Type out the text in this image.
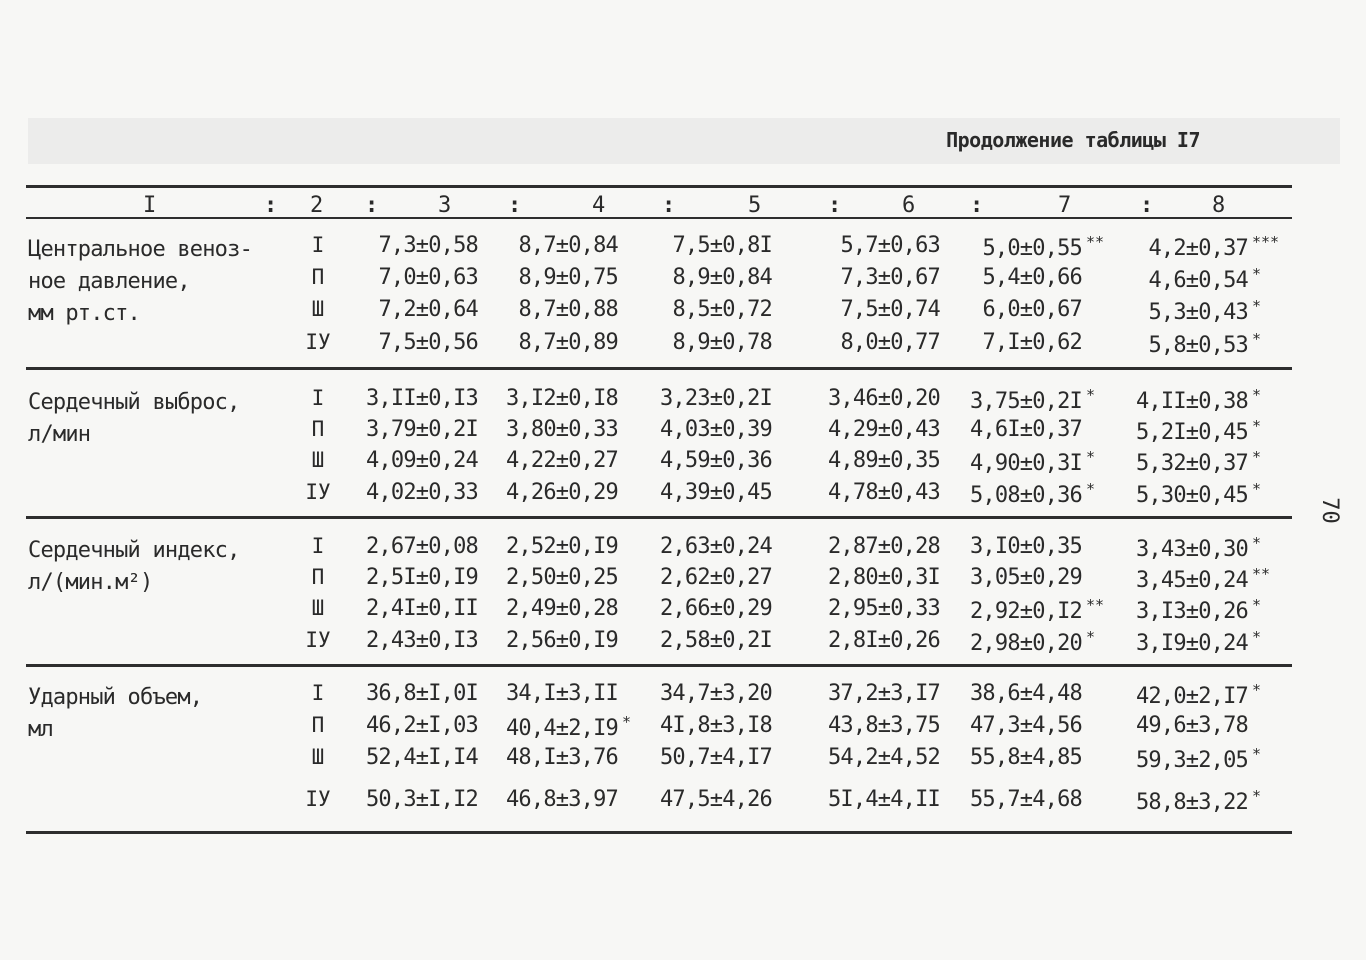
Продолжение таблицы I7
70
I	2	3	4	5	6	7	8
:	:	:	:	:	:	:
Центральное веноз-
ное давление,
мм рт.ст.
I	7,3±0,58	8,7±0,84	7,5±0,8I	5,7±0,63	5,0±0,55 ** 4,2±0,37 ***
П	7,0±0,63	8,9±0,75	8,9±0,84	7,3±0,67	5,4±0,66	4,6±0,54 *
Ш	7,2±0,64	8,7±0,88	8,5±0,72	7,5±0,74	6,0±0,67	5,3±0,43 *
IУ	7,5±0,56	8,7±0,89	8,9±0,78	8,0±0,77	7,I±0,62	5,8±0,53 *
Сердечный выброс,
л/мин
I	3,II±0,I3	3,I2±0,I8	3,23±0,2I	3,46±0,20	3,75±0,2I *	4,II±0,38 *
П	3,79±0,2I	3,80±0,33	4,03±0,39	4,29±0,43	4,6I±0,37	5,2I±0,45 *
Ш	4,09±0,24	4,22±0,27	4,59±0,36	4,89±0,35	4,90±0,3I *	5,32±0,37 *
IУ	4,02±0,33	4,26±0,29	4,39±0,45	4,78±0,43	5,08±0,36 *	5,30±0,45 *
Сердечный индекс,
л/(мин.м²)
I	2,67±0,08	2,52±0,I9	2,63±0,24	2,87±0,28	3,I0±0,35	3,43±0,30 *
П	2,5I±0,I9	2,50±0,25	2,62±0,27	2,80±0,3I	3,05±0,29	3,45±0,24 **
Ш	2,4I±0,II	2,49±0,28	2,66±0,29	2,95±0,33	2,92±0,I2 ** 3,I3±0,26 *
IУ	2,43±0,I3	2,56±0,I9	2,58±0,2I	2,8I±0,26	2,98±0,20 *	3,I9±0,24 *
Ударный объем,
мл
I	36,8±I,0I	34,I±3,II	34,7±3,20	37,2±3,I7	38,6±4,48	42,0±2,I7 *
П	46,2±I,03	40,4±2,I9 *	4I,8±3,I8	43,8±3,75	47,3±4,56	49,6±3,78
Ш	52,4±I,I4	48,I±3,76	50,7±4,I7	54,2±4,52	55,8±4,85	59,3±2,05 *
IУ	50,3±I,I2	46,8±3,97	47,5±4,26	5I,4±4,II	55,7±4,68	58,8±3,22 *
